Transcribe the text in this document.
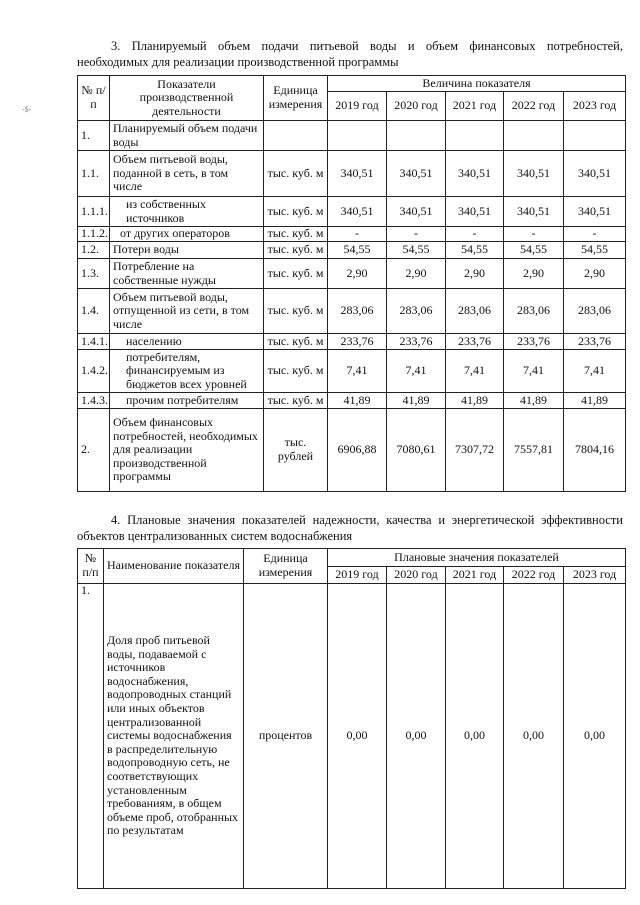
-$-

3. Планируемый объем подачи питьевой воды и объем финансовых потребностей, необходимых для реализации производственной программы

№ п/п	Показатели производственной деятельности	Единица измерения	Величина показателя				
			2019 год	2020 год	2021 год	2022 год	2023 год
1.	Планируемый объем подачи воды						
1.1.	Объем питьевой воды, поданной в сеть, в том числе	тыс. куб. м	340,51	340,51	340,51	340,51	340,51
1.1.1.	из собственных источников	тыс. куб. м	340,51	340,51	340,51	340,51	340,51
1.1.2.	от других операторов	тыс. куб. м	-	-	-	-	-
1.2.	Потери воды	тыс. куб. м	54,55	54,55	54,55	54,55	54,55
1.3.	Потребление на собственные нужды	тыс. куб. м	2,90	2,90	2,90	2,90	2,90
1.4.	Объем питьевой воды, отпущенной из сети, в том числе	тыс. куб. м	283,06	283,06	283,06	283,06	283,06
1.4.1.	населению	тыс. куб. м	233,76	233,76	233,76	233,76	233,76
1.4.2.	потребителям, финансируемым из бюджетов всех уровней	тыс. куб. м	7,41	7,41	7,41	7,41	7,41
1.4.3.	прочим потребителям	тыс. куб. м	41,89	41,89	41,89	41,89	41,89
2.	Объем финансовых потребностей, необходимых для реализации производственной программы	тыс. рублей	6906,88	7080,61	7307,72	7557,81	7804,16

4. Плановые значения показателей надежности, качества и энергетической эффективности объектов централизованных систем водоснабжения

№ п/п	Наименование показателя	Единица измерения	Плановые значения показателей				
			2019 год	2020 год	2021 год	2022 год	2023 год
1.	Доля проб питьевой воды, подаваемой с источников водоснабжения, водопроводных станций или иных объектов централизованной системы водоснабжения в распределительную водопроводную сеть, не соответствующих установленным требованиям, в общем объеме проб, отобранных по результатам	процентов	0,00	0,00	0,00	0,00	0,00
